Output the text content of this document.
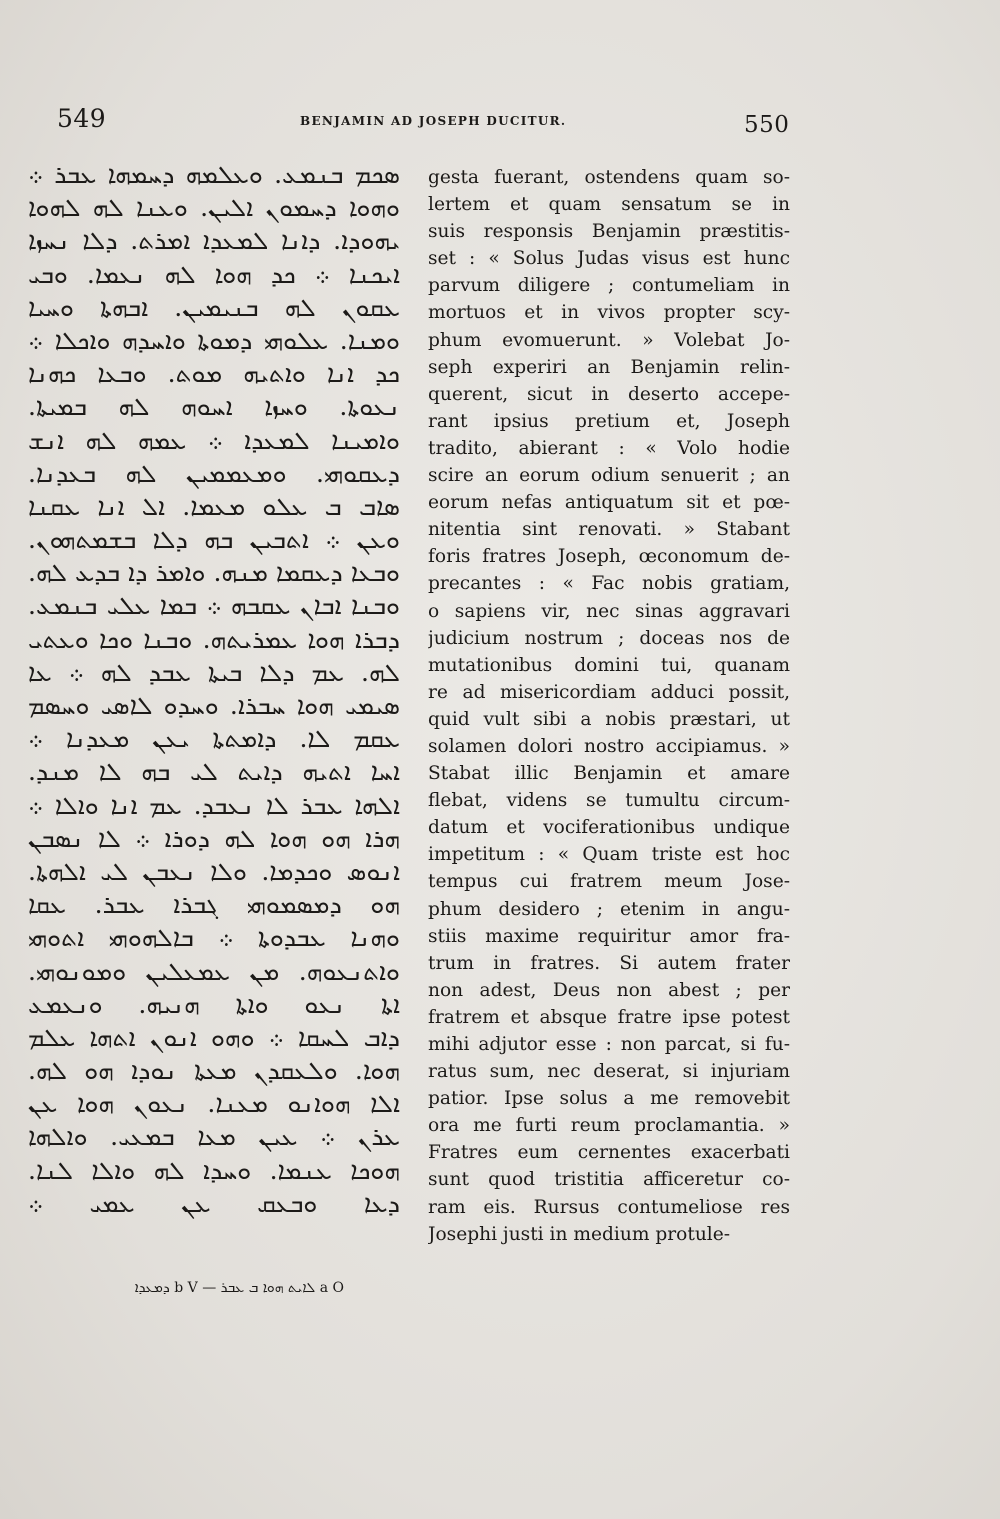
549	BENJAMIN AD JOSEPH DUCITUR.	550
ܣܟܡ ܒܢܡܥ. ܘܥܠܡܗ ܕܚܡܗܐ ܥܒܪ ܀
ܘܗܘܐ ܕܚܡܘܢ ܐܠܝܢ. ܘܥܢܐ ܠܗ ܠܗܘܐ
ܝܗܘܕܐ. ܕܐܢܐ ܠܡܥܕܐ ܐܡܪܬ. ܕܠܐ ܢܚܙܐ
ܐܝܟܢܐ ܀ ܟܕ ܗܘܐ ܠܗ ܢܥܡܐ. ܘܒܝ
ܥܩܘܢ ܠܗ ܒܢܝܡܝܢ. ܐܒܗܬܐ ܘܚܝܐ
ܘܡܢܐ. ܥܠܘܗܝ ܕܡܘܬܐ ܘܐܚܕܗ ܘܐܟܠܐ ܀
ܟܕ ܐܢܐ ܘܐܬܝܗ ܡܘܬ. ܘܒܥܐ ܟܗܢܐ
ܢܥܘܬܐ. ܘܚܙܐ ܐܚܘܗ ܠܗ ܒܡܝܬܐ.
ܘܐܡܝܢܐ ܠܡܥܕܐ ܀ ܥܡܗ ܠܗ ܐܢܫ
ܕܥܩܘܗܝ. ܘܡܥܡܡܝܢ ܠܗ ܒܥܕܢܐ.
ܣܐܒ ܒ ܥܠܘ ܡܥܡܐ. ܐܠ ܐܢܐ ܥܩܢܐ
ܘܥܢ ܀ ܐܬܒܝܢ ܒܗ ܕܠܐ ܒܫܡܬܗܘܢ.
ܘܒܥܐ ܕܥܩܡܐ ܡܢܗ. ܘܐܡܪ ܕܐ ܒܕܥ ܠܗ.
ܘܒܢܐ ܐܒܐܢ ܥܩܒܗ ܀ ܒܡܐ ܥܠܝ ܒܢܡܥ.
ܕܒܪܐ ܗܘܐ ܥܡܪܝܬܗ. ܘܒܢܐ ܘܟܐ ܘܥܬܝ
ܠܗ. ܥܡ ܕܠܐ ܒܝܬܐ ܥܒܕ ܠܗ ܀ ܥܐ
ܣܝܡܝ ܗܘܐ ܚܒܪܐ. ܘܚܕܘ ܠܐܣܝ ܘܚܣܡ
ܥܩܡ ܠܐ. ܕܐܡܬܬܐ ܝܥܢ ܡܥܕܢܐ ܀
ܐܚܐ ܐܬܝܗ ܕܐܝܬ ܠܝ ܒܗ ܠܐ ܡܢܕ.
ܐܠܗܐ ܥܒܪ ܠܐ ܢܥܒܕ. ܥܡ ܐܢܐ ܘܐܠܐ ܀
ܗܪܐ ܗܘ ܗܘܐ ܠܗ ܕܘܪܐ ܀ ܠܐ ܢܣܒܢ
ܐܢܘܣ ܘܟܕܡܐ. ܘܠܐ ܢܥܒܢ ܠܝ ܐܠܗܬܐ.
ܗܘ ܕܡܣܡܘܗܝ ܓܒܪܐ ܥܒܪ. ܥܩܐ
ܘܗܢܐ ܥܒܕܘܬܐ ܀ ܒܐܠܗܘܗܝ ܐܬܘܗܝ
ܘܐܬܢܥܘܗ. ܡܢ ܥܡܥܠܝܢ ܘܡܘܢܘܗܝ.
ܐܬܐ ܢܥܘ ܘܐܬܐ ܗܢܝܗ. ܘܢܥܡܥ
ܕܐܒ ܠܚܩܐ ܀ ܘܗܘ ܐܢܘܢ ܐܬܗܐ ܥܠܡ
ܗܘܐ. ܘܠܥܩܕܢ ܡܥܬܐ ܢܘܕܐ ܗܘ ܠܗ.
ܐܠܐ ܗܘܐܢܘ ܡܥܢܐ. ܢܥܘܢ ܗܘܐ ܥܢ
ܥܪܢ ܀ ܥܝܢ ܡܥܐ ܒܡܥܝ. ܘܐܠܗܐ
ܗܘܟܐ ܥܢܡܐ. ܘܚܕܐ ܠܗ ܘܐܠܐ ܠܢܐ.
ܕܥܐ ܘܒܥܩ ܥܢ ܥܡܝ ܀
gesta fuerant, ostendens quam so-
lertem et quam sensatum se in
suis responsis Benjamin præstitis-
set : « Solus Judas visus est hunc
parvum diligere ; contumeliam in
mortuos et in vivos propter scy-
phum evomuerunt. » Volebat Jo-
seph experiri an Benjamin relin-
querent, sicut in deserto accepe-
rant ipsius pretium et, Joseph
tradito, abierant : « Volo hodie
scire an eorum odium senuerit ; an
eorum nefas antiquatum sit et pœ-
nitentia sint renovati. » Stabant
foris fratres Joseph, œconomum de-
precantes : « Fac nobis gratiam,
o sapiens vir, nec sinas aggravari
judicium nostrum ; doceas nos de
mutationibus domini tui, quanam
re ad misericordiam adduci possit,
quid vult sibi a nobis præstari, ut
solamen dolori nostro accipiamus. »
Stabat illic Benjamin et amare
flebat, videns se tumultu circum-
datum et vociferationibus undique
impetitum : « Quam triste est hoc
tempus cui fratrem meum Jose-
phum desidero ; etenim in angu-
stiis maxime requiritur amor fra-
trum in fratres. Si autem frater
non adest, Deus non abest ; per
fratrem et absque fratre ipse potest
mihi adjutor esse : non parcat, si fu-
ratus sum, nec deserat, si injuriam
patior. Ipse solus a me removebit
ora me furti reum proclamantia. »
Fratres eum cernentes exacerbati
sunt quod tristitia afficeretur co-
ram eis. Rursus contumeliose res
Josephi justi in medium protule-
a O ܠܐܝܬ ܗܘܐ ܒ ܥܒܪ — b V ܕܡܥܕܐ
